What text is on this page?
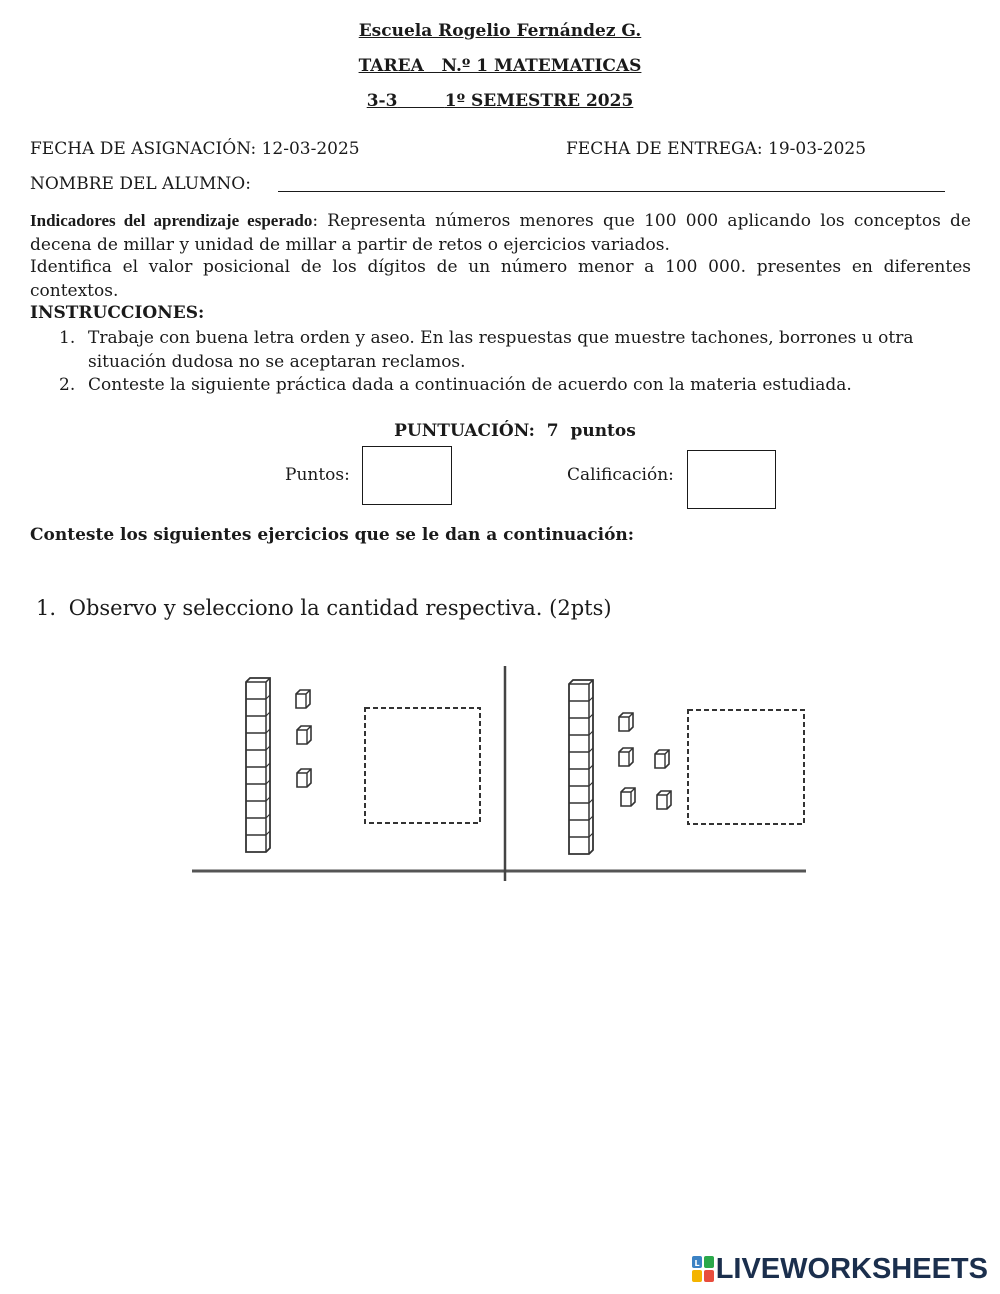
Escuela Rogelio Fernández G.
TAREA   N.º 1 MATEMATICAS
3-3	1º SEMESTRE 2025
FECHA DE ASIGNACIÓN: 12-03-2025	FECHA DE ENTREGA: 19-03-2025
NOMBRE DEL ALUMNO:
Indicadores del aprendizaje esperado: Representa números menores que 100 000 aplicando los conceptos de decena de millar y unidad de millar a partir de retos o ejercicios variados.
Identifica el valor posicional de los dígitos de un número menor a 100 000. presentes en diferentes contextos.
INSTRUCCIONES:
1. Trabaje con buena letra orden y aseo. En las respuestas que muestre tachones, borrones u otra situación dudosa no se aceptaran reclamos.
2. Conteste la siguiente práctica dada a continuación de acuerdo con la materia estudiada.
PUNTUACIÓN:  7  puntos
Puntos:	Calificación:
Conteste los siguientes ejercicios que se le dan a continuación:
1. Observo y selecciono la cantidad respectiva. (2pts)
L LIVEWORKSHEETS
